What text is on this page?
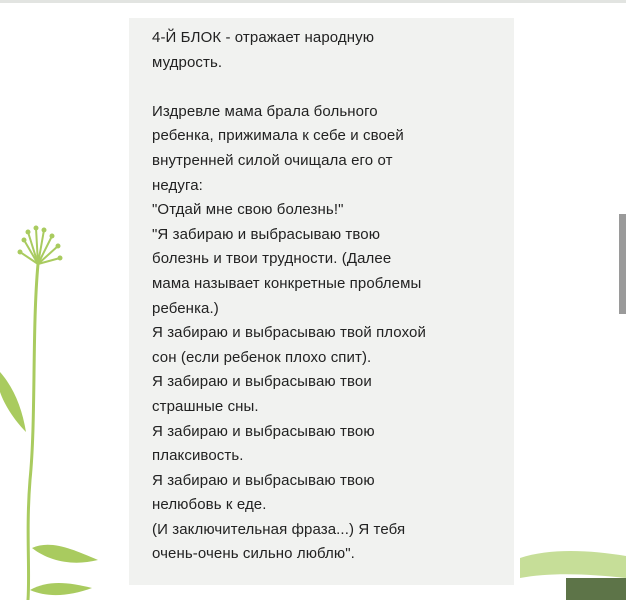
4-Й БЛОК - отражает народную
мудрость.

Издревле мама брала больного
ребенка, прижимала к себе и своей
внутренней силой очищала его от
недуга:
"Отдай мне свою болезнь!"
"Я забираю и выбрасываю твою
болезнь и твои трудности. (Далее
мама называет конкретные проблемы
ребенка.)
Я забираю и выбрасываю твой плохой
сон (если ребенок плохо спит).
Я забираю и выбрасываю твои
страшные сны.
Я забираю и выбрасываю твою
плаксивость.
Я забираю и выбрасываю твою
нелюбовь к еде.
(И заключительная фраза...) Я тебя
очень-очень сильно люблю".
